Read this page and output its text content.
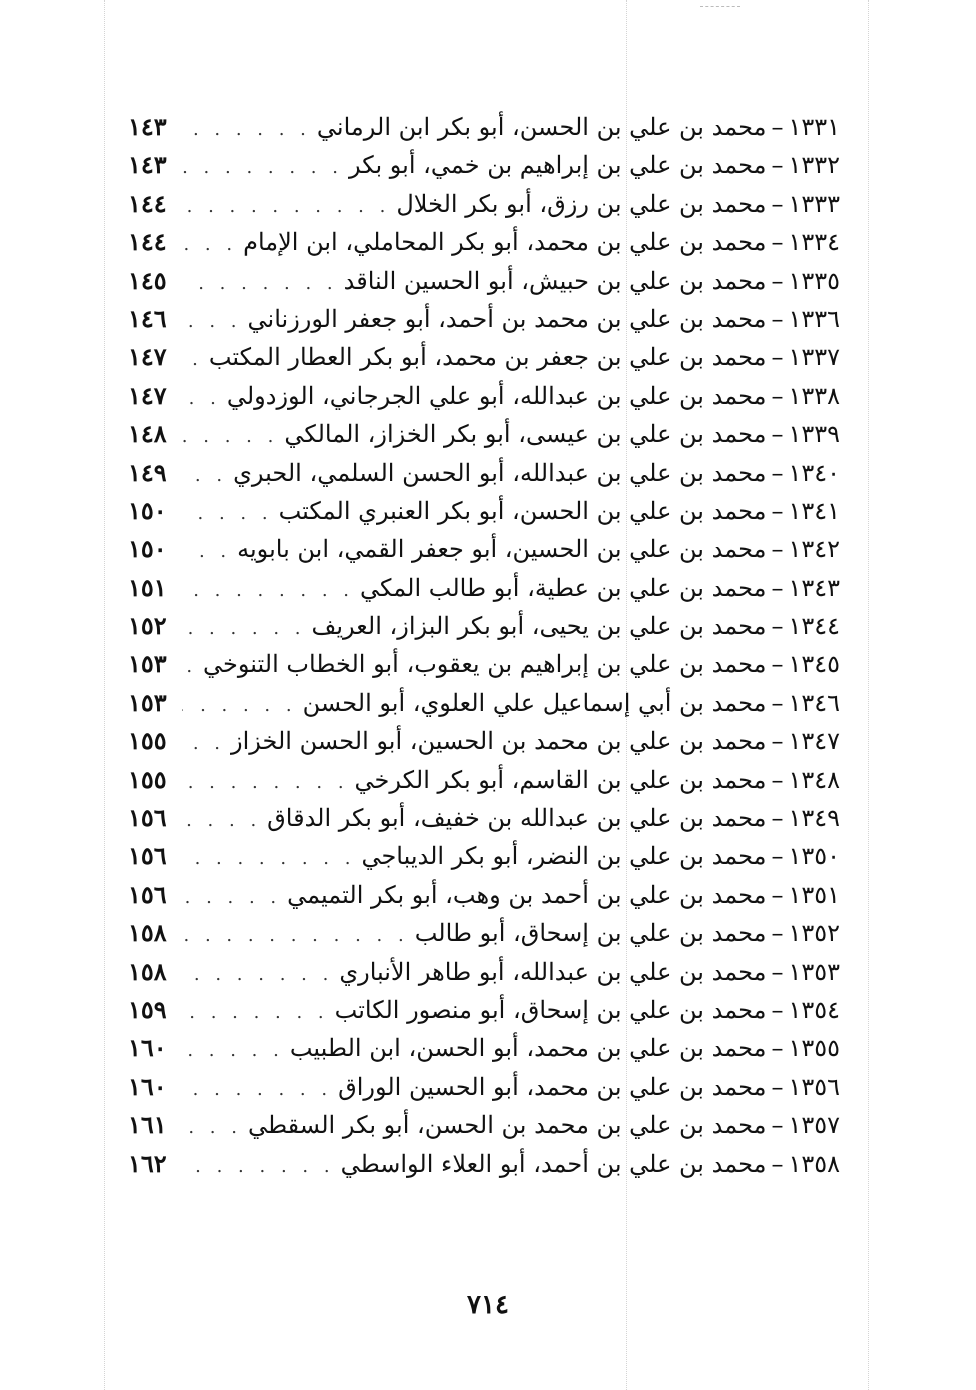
١٣٣١
–
محمد بن علي بن الحسن، أبو بكر ابن الرماني
. . .
١٤٣
١٣٣٢
–
محمد بن علي بن إبراهيم بن خمي، أبو بكر
. . .
١٤٣
١٣٣٣
–
محمد بن علي بن رزق، أبو بكر الخلال
. . .
١٤٤
١٣٣٤
–
محمد بن علي بن محمد، أبو بكر المحاملي، ابن الإمام
. . .
١٤٤
١٣٣٥
–
محمد بن علي بن حبيش، أبو الحسين الناقد
. . .
١٤٥
١٣٣٦
–
محمد بن علي بن محمد بن أحمد، أبو جعفر الورزناني
. . .
١٤٦
١٣٣٧
–
محمد بن علي بن جعفر بن محمد، أبو بكر العطار المكتب
. . .
١٤٧
١٣٣٨
–
محمد بن علي بن عبدالله، أبو علي الجرجاني، الوزدولي
. . .
١٤٧
١٣٣٩
–
محمد بن علي بن عيسى، أبو بكر الخزاز، المالكي
. . .
١٤٨
١٣٤٠
–
محمد بن علي بن عبدالله، أبو الحسن السلمي، الحبري
. . .
١٤٩
١٣٤١
–
محمد بن علي بن الحسن، أبو بكر العنبري المكتب
. . .
١٥٠
١٣٤٢
–
محمد بن علي بن الحسين، أبو جعفر القمي، ابن بابويه
. . .
١٥٠
١٣٤٣
–
محمد بن علي بن عطية، أبو طالب المكي
. . .
١٥١
١٣٤٤
–
محمد بن علي بن يحيى، أبو بكر البزاز، العريف
. . .
١٥٢
١٣٤٥
–
محمد بن علي بن إبراهيم بن يعقوب، أبو الخطاب التنوخي
. . .
١٥٣
١٣٤٦
–
محمد بن أبي إسماعيل علي العلوي، أبو الحسن
. . .
١٥٣
١٣٤٧
–
محمد بن علي بن محمد بن الحسين، أبو الحسن الخزاز
. . .
١٥٥
١٣٤٨
–
محمد بن علي بن القاسم، أبو بكر الكرخي
. . .
١٥٥
١٣٤٩
–
محمد بن علي بن عبدالله بن خفيف، أبو بكر الدقاق
. . .
١٥٦
١٣٥٠
–
محمد بن علي بن النضر، أبو بكر الديباجي
. . .
١٥٦
١٣٥١
–
محمد بن علي بن أحمد بن وهب، أبو بكر التميمي
. . .
١٥٦
١٣٥٢
–
محمد بن علي بن إسحاق، أبو طالب
. . .
١٥٨
١٣٥٣
–
محمد بن علي بن عبدالله، أبو طاهر الأنباري
. . .
١٥٨
١٣٥٤
–
محمد بن علي بن إسحاق، أبو منصور الكاتب
. . .
١٥٩
١٣٥٥
–
محمد بن علي بن محمد، أبو الحسن، ابن الطبيب
. . .
١٦٠
١٣٥٦
–
محمد بن علي بن محمد، أبو الحسين الوراق
. . .
١٦٠
١٣٥٧
–
محمد بن علي بن محمد بن الحسن، أبو بكر السقطي
. . .
١٦١
١٣٥٨
–
محمد بن علي بن أحمد، أبو العلاء الواسطي
. . .
١٦٢
٧١٤
